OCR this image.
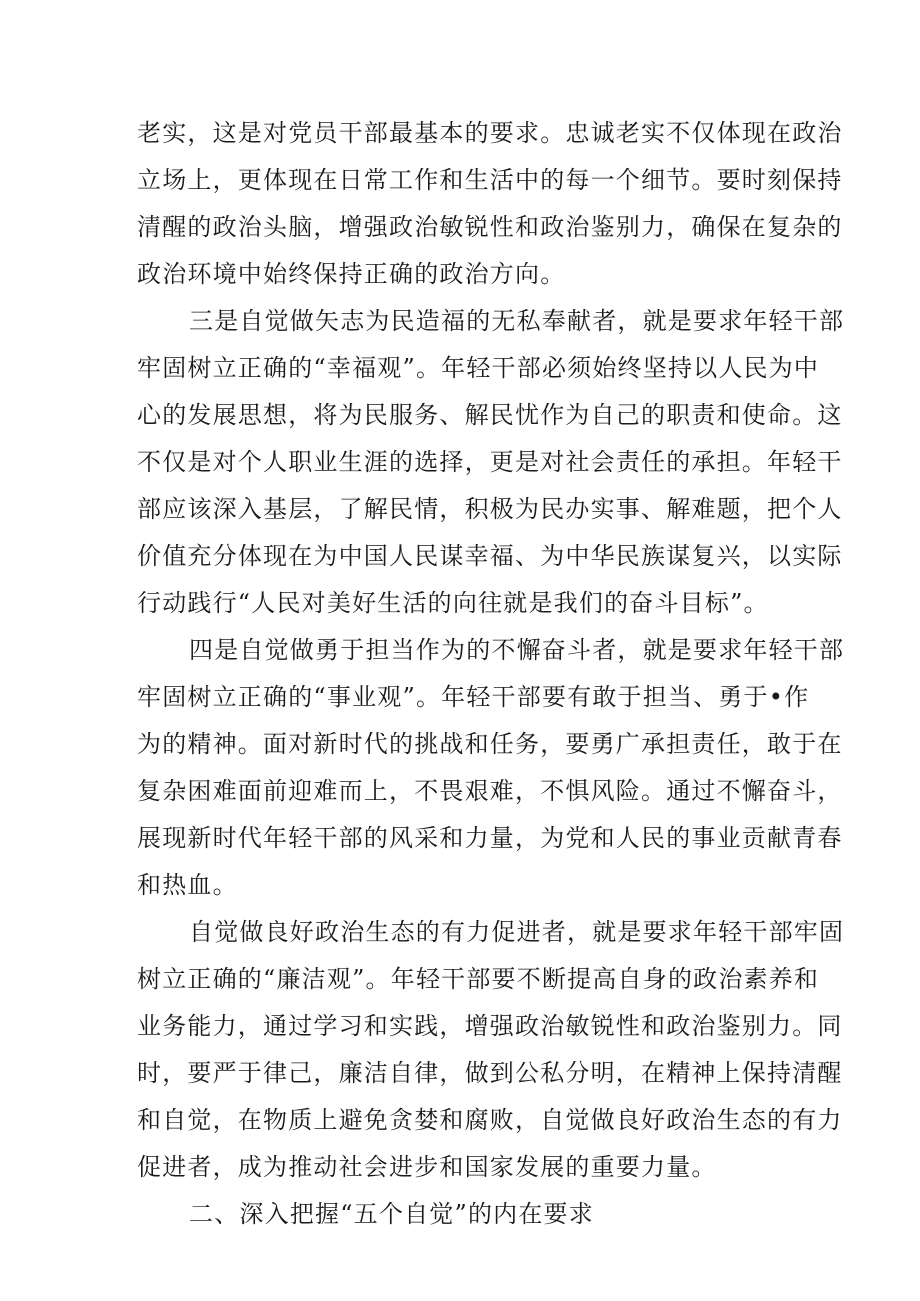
老实，这是对党员干部最基本的要求。忠诚老实不仅体现在政治
立场上，更体现在日常工作和生活中的每一个细节。要时刻保持
清醒的政治头脑，增强政治敏锐性和政治鉴别力，确保在复杂的
政治环境中始终保持正确的政治方向。
三是自觉做矢志为民造福的无私奉献者，就是要求年轻干部
牢固树立正确的“幸福观”。年轻干部必须始终坚持以人民为中
心的发展思想，将为民服务、解民忧作为自己的职责和使命。这
不仅是对个人职业生涯的选择，更是对社会责任的承担。年轻干
部应该深入基层，了解民情，积极为民办实事、解难题，把个人
价值充分体现在为中国人民谋幸福、为中华民族谋复兴，以实际
行动践行“人民对美好生活的向往就是我们的奋斗目标”。
四是自觉做勇于担当作为的不懈奋斗者，就是要求年轻干部
牢固树立正确的“事业观”。年轻干部要有敢于担当、勇于•作
为的精神。面对新时代的挑战和任务，要勇广承担责任，敢于在
复杂困难面前迎难而上，不畏艰难，不惧风险。通过不懈奋斗，
展现新时代年轻干部的风采和力量，为党和人民的事业贡献青春
和热血。
自觉做良好政治生态的有力促进者，就是要求年轻干部牢固
树立正确的“廉洁观”。年轻干部要不断提高自身的政治素养和
业务能力，通过学习和实践，增强政治敏锐性和政治鉴别力。同
时，要严于律己，廉洁自律，做到公私分明，在精神上保持清醒
和自觉，在物质上避免贪婪和腐败，自觉做良好政治生态的有力
促进者，成为推动社会进步和国家发展的重要力量。
二、深入把握“五个自觉”的内在要求
